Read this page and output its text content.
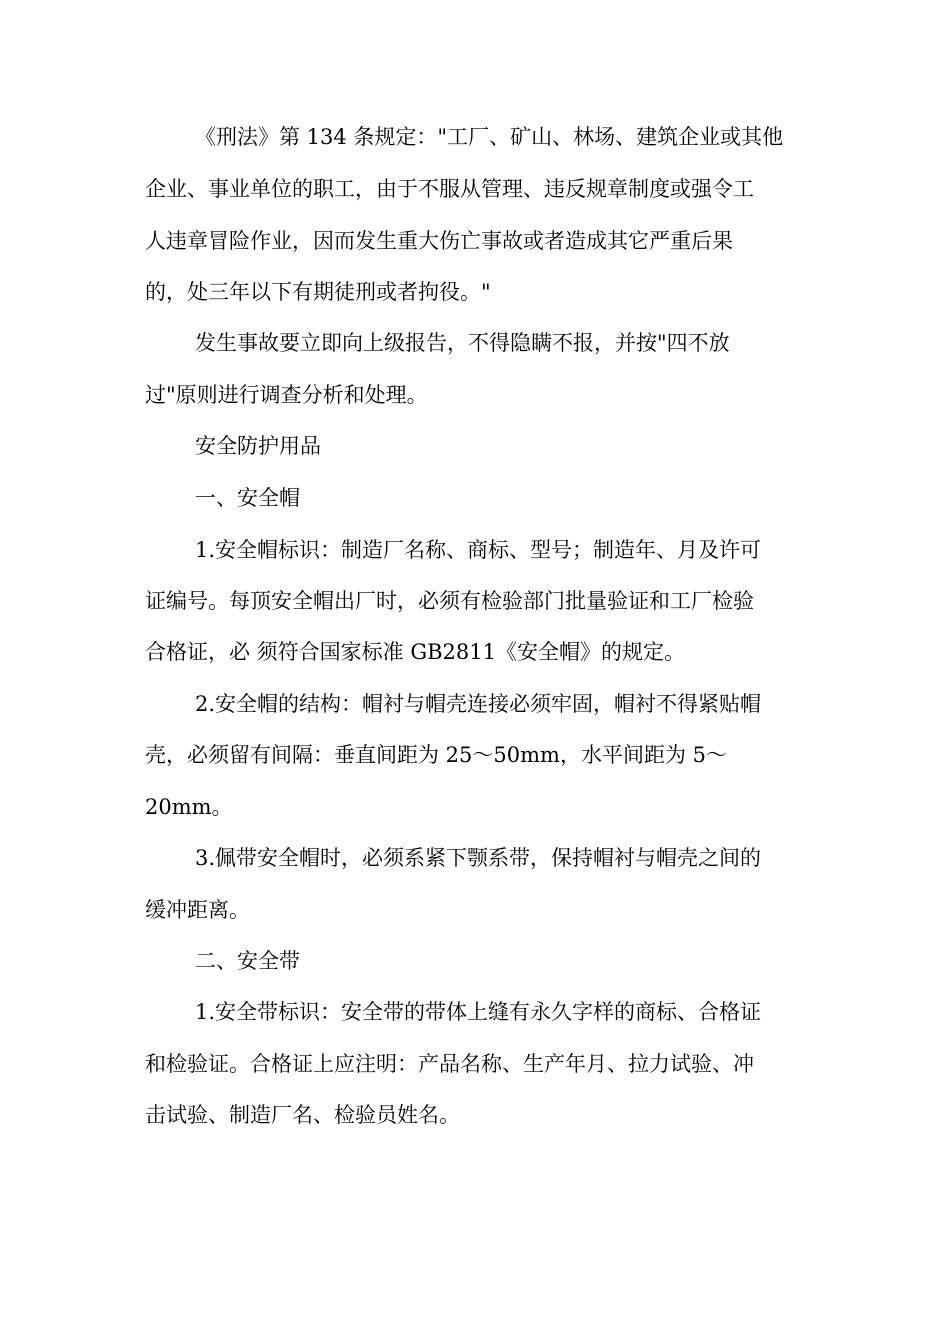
《刑法》第 134 条规定："工厂、矿山、林场、建筑企业或其他
企业、事业单位的职工，由于不服从管理、违反规章制度或强令工
人违章冒险作业，因而发生重大伤亡事故或者造成其它严重后果
的，处三年以下有期徒刑或者拘役。"
发生事故要立即向上级报告，不得隐瞒不报，并按"四不放
过"原则进行调查分析和处理。
安全防护用品
一、安全帽
1.安全帽标识：制造厂名称、商标、型号；制造年、月及许可
证编号。每顶安全帽出厂时，必须有检验部门批量验证和工厂检验
合格证，必 须符合国家标准 GB2811《安全帽》的规定。
2.安全帽的结构：帽衬与帽壳连接必须牢固，帽衬不得紧贴帽
壳，必须留有间隔：垂直间距为 25～50mm，水平间距为 5～
20mm。
3.佩带安全帽时，必须系紧下颚系带，保持帽衬与帽壳之间的
缓冲距离。
二、安全带
1.安全带标识：安全带的带体上缝有永久字样的商标、合格证
和检验证。合格证上应注明：产品名称、生产年月、拉力试验、冲
击试验、制造厂名、检验员姓名。
